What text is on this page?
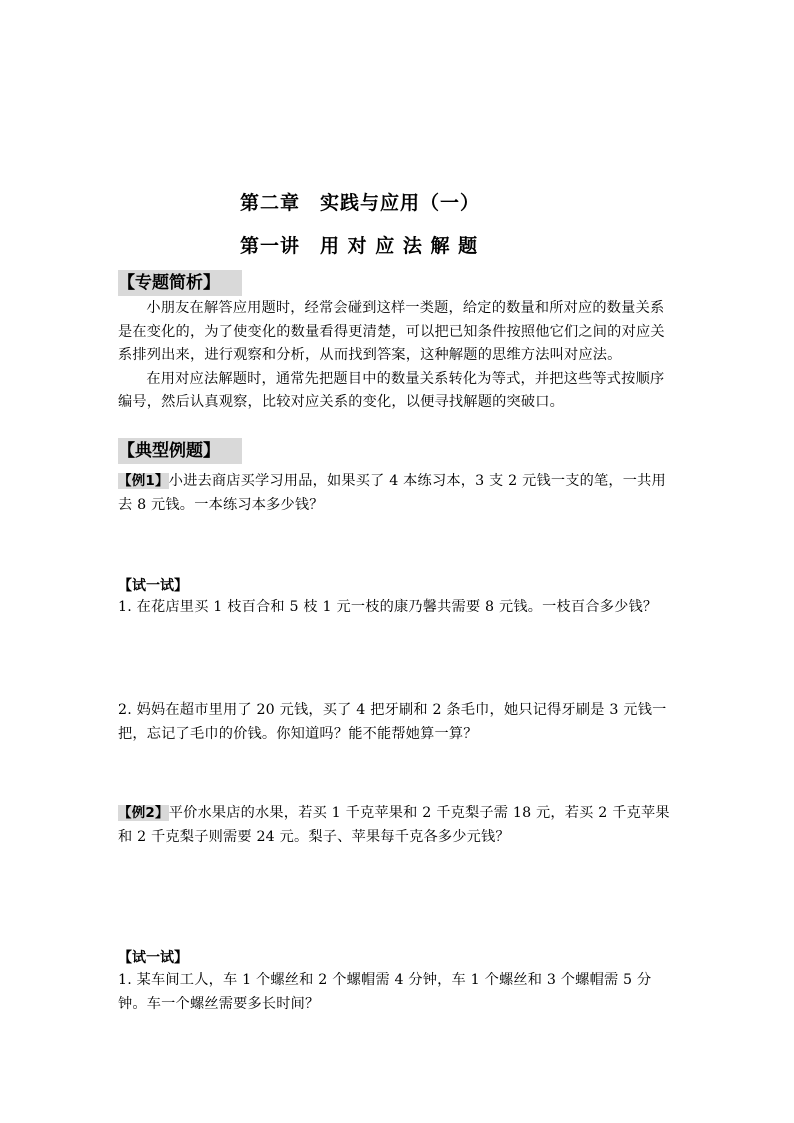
第二章　实践与应用（一）
第一讲　用 对 应 法 解 题
【专题简析】

小朋友在解答应用题时，经常会碰到这样一类题，给定的数量和所对应的数量关系是在变化的，为了使变化的数量看得更清楚，可以把已知条件按照他它们之间的对应关系排列出来，进行观察和分析，从而找到答案，这种解题的思维方法叫对应法。

在用对应法解题时，通常先把题目中的数量关系转化为等式，并把这些等式按顺序编号，然后认真观察，比较对应关系的变化，以便寻找解题的突破口。

【典型例题】
【例1】小进去商店买学习用品，如果买了 4 本练习本，3 支 2 元钱一支的笔，一共用去 8 元钱。一本练习本多少钱？
【试一试】
1. 在花店里买 1 枝百合和 5 枝 1 元一枝的康乃馨共需要 8 元钱。一枝百合多少钱？
2. 妈妈在超市里用了 20 元钱，买了 4 把牙刷和 2 条毛巾，她只记得牙刷是 3 元钱一把，忘记了毛巾的价钱。你知道吗？能不能帮她算一算？
【例2】平价水果店的水果，若买 1 千克苹果和 2 千克梨子需 18 元，若买 2 千克苹果和 2 千克梨子则需要 24 元。梨子、苹果每千克各多少元钱？
【试一试】
1. 某车间工人，车 1 个螺丝和 2 个螺帽需 4 分钟，车 1 个螺丝和 3 个螺帽需 5 分钟。车一个螺丝需要多长时间？
